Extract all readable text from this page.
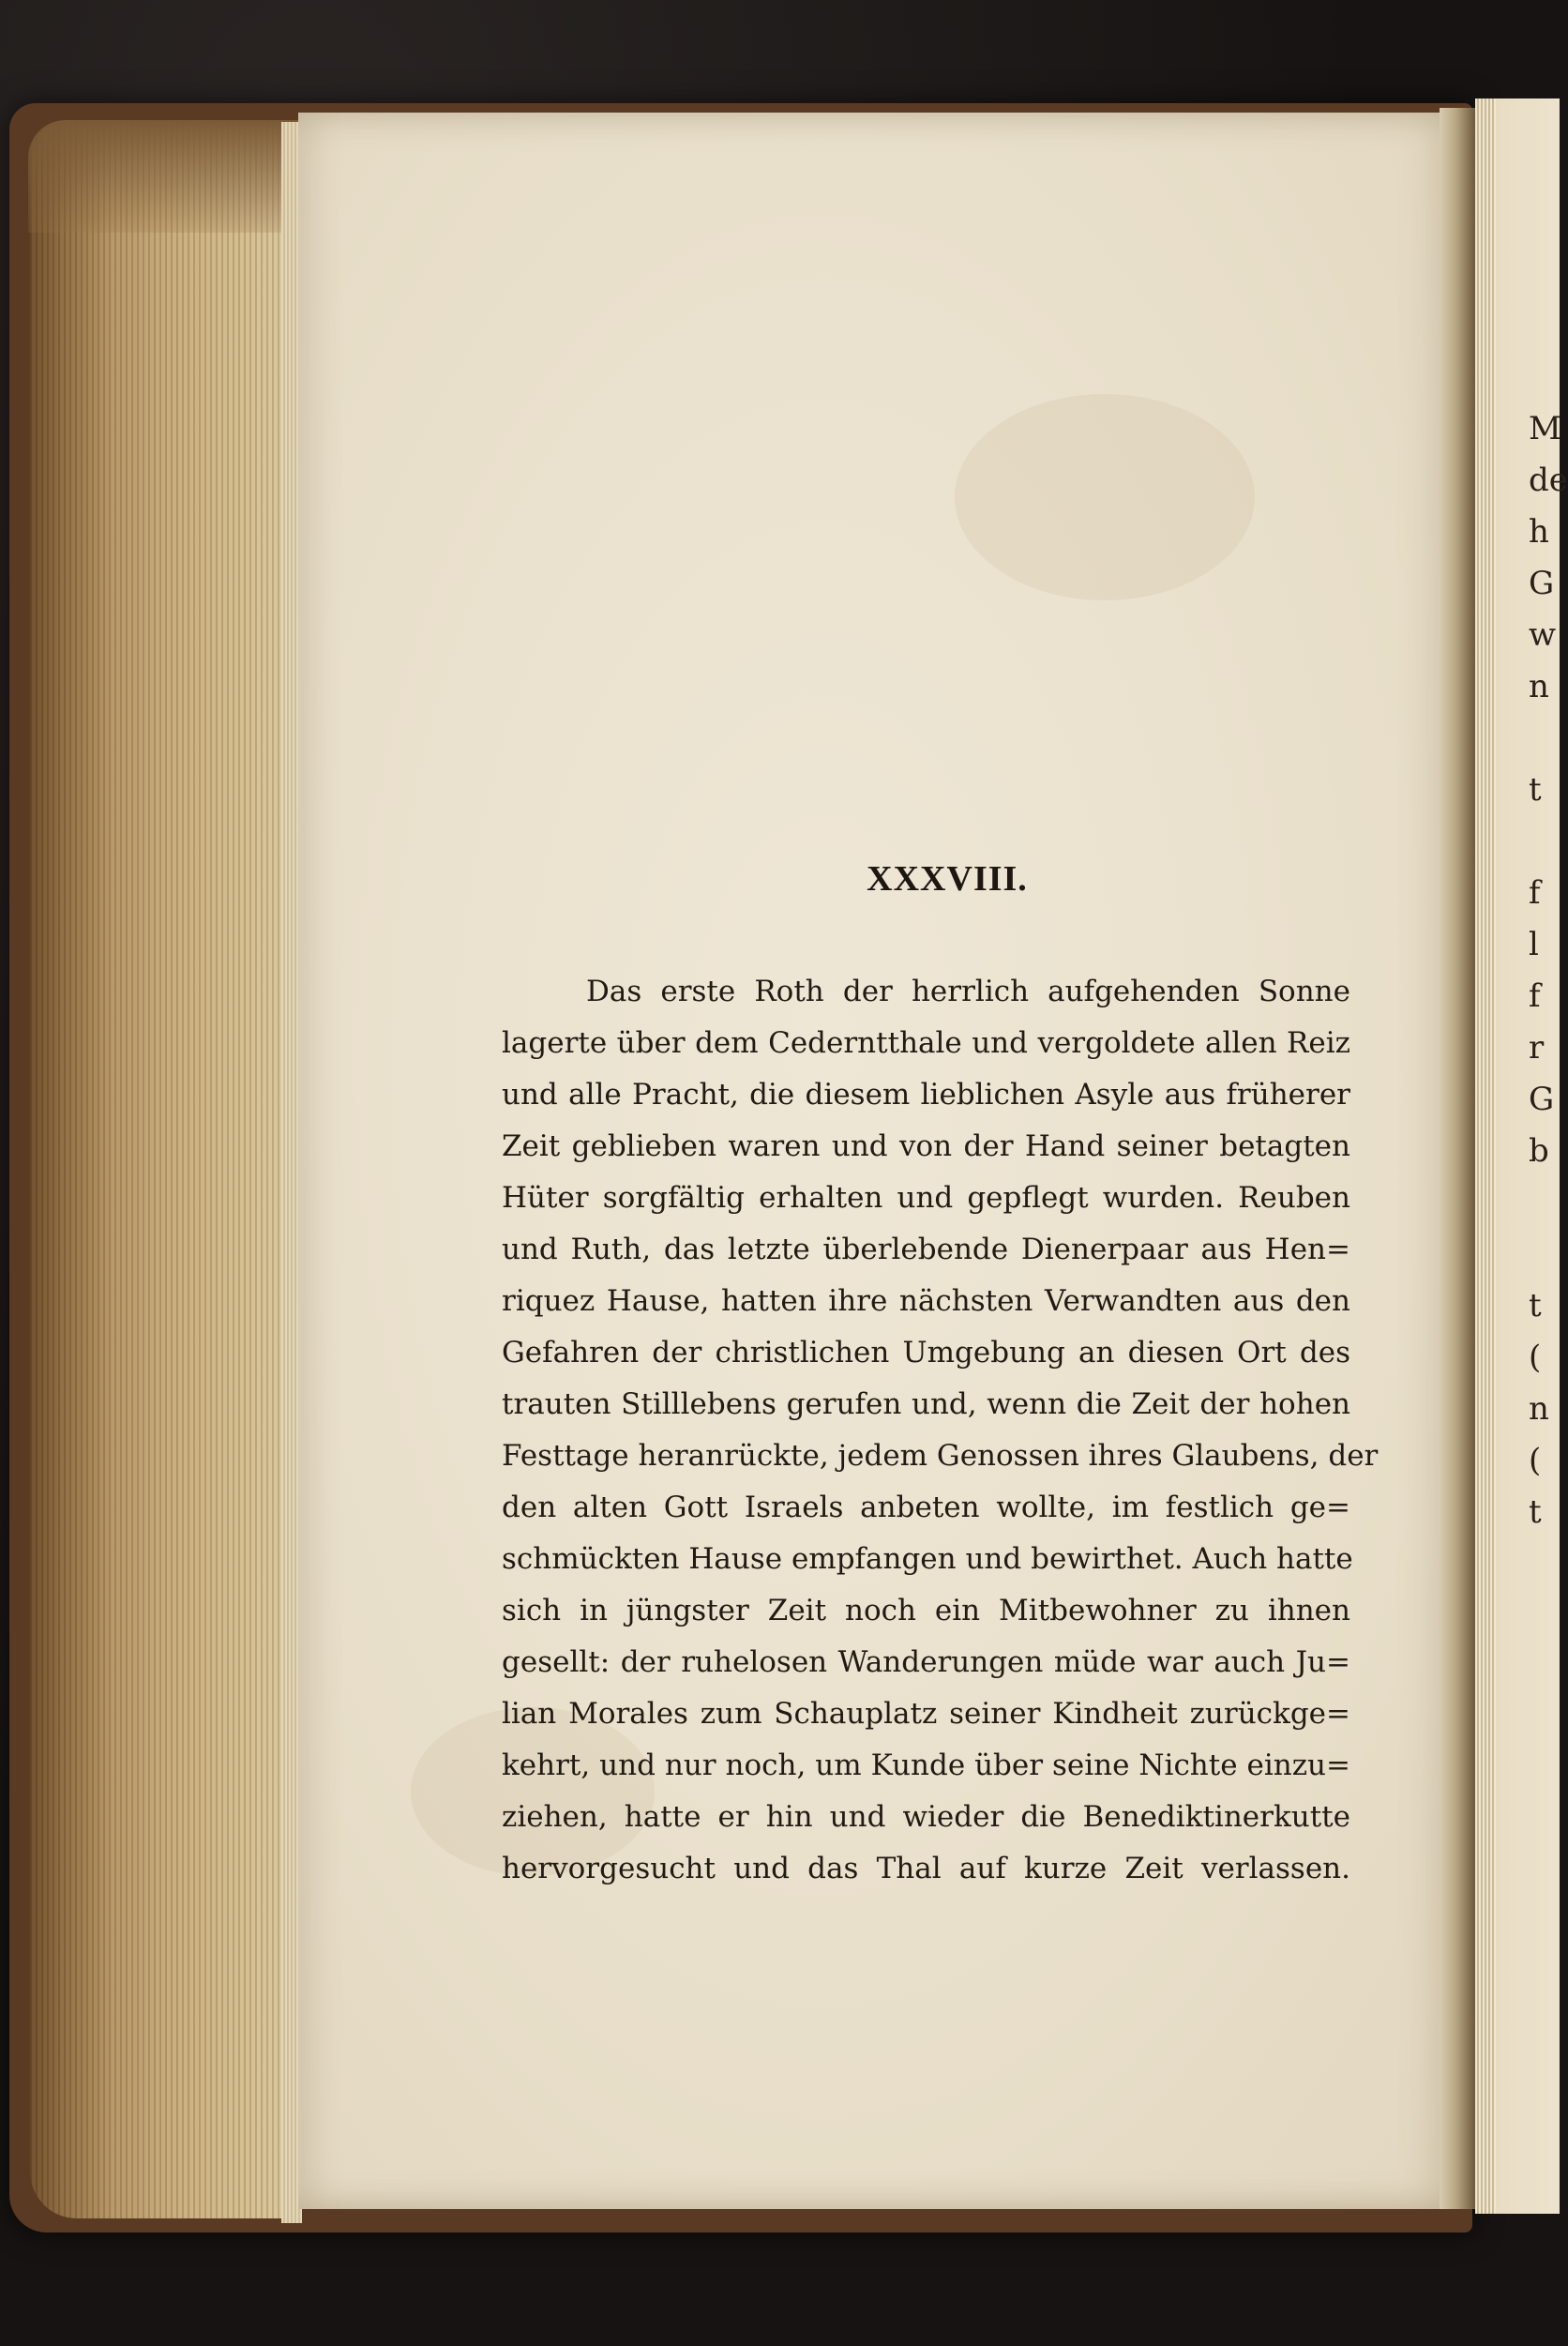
M
de
h
G
w
n

t

f
l
f
r
G
b

t
(
n
(
t
XXXVIII.
Das erste Roth der herrlich aufgehenden Sonne
lagerte über dem Cederntthale und vergoldete allen Reiz
und alle Pracht, die diesem lieblichen Asyle aus früherer
Zeit geblieben waren und von der Hand seiner betagten
Hüter sorgfältig erhalten und gepflegt wurden. Reuben
und Ruth, das letzte überlebende Dienerpaar aus Hen=
riquez Hause, hatten ihre nächsten Verwandten aus den
Gefahren der christlichen Umgebung an diesen Ort des
trauten Stilllebens gerufen und, wenn die Zeit der hohen
Festtage heranrückte, jedem Genossen ihres Glaubens, der
den alten Gott Israels anbeten wollte, im festlich ge=
schmückten Hause empfangen und bewirthet. Auch hatte
sich in jüngster Zeit noch ein Mitbewohner zu ihnen
gesellt: der ruhelosen Wanderungen müde war auch Ju=
lian Morales zum Schauplatz seiner Kindheit zurückge=
kehrt, und nur noch, um Kunde über seine Nichte einzu=
ziehen, hatte er hin und wieder die Benediktinerkutte
hervorgesucht und das Thal auf kurze Zeit verlassen.
